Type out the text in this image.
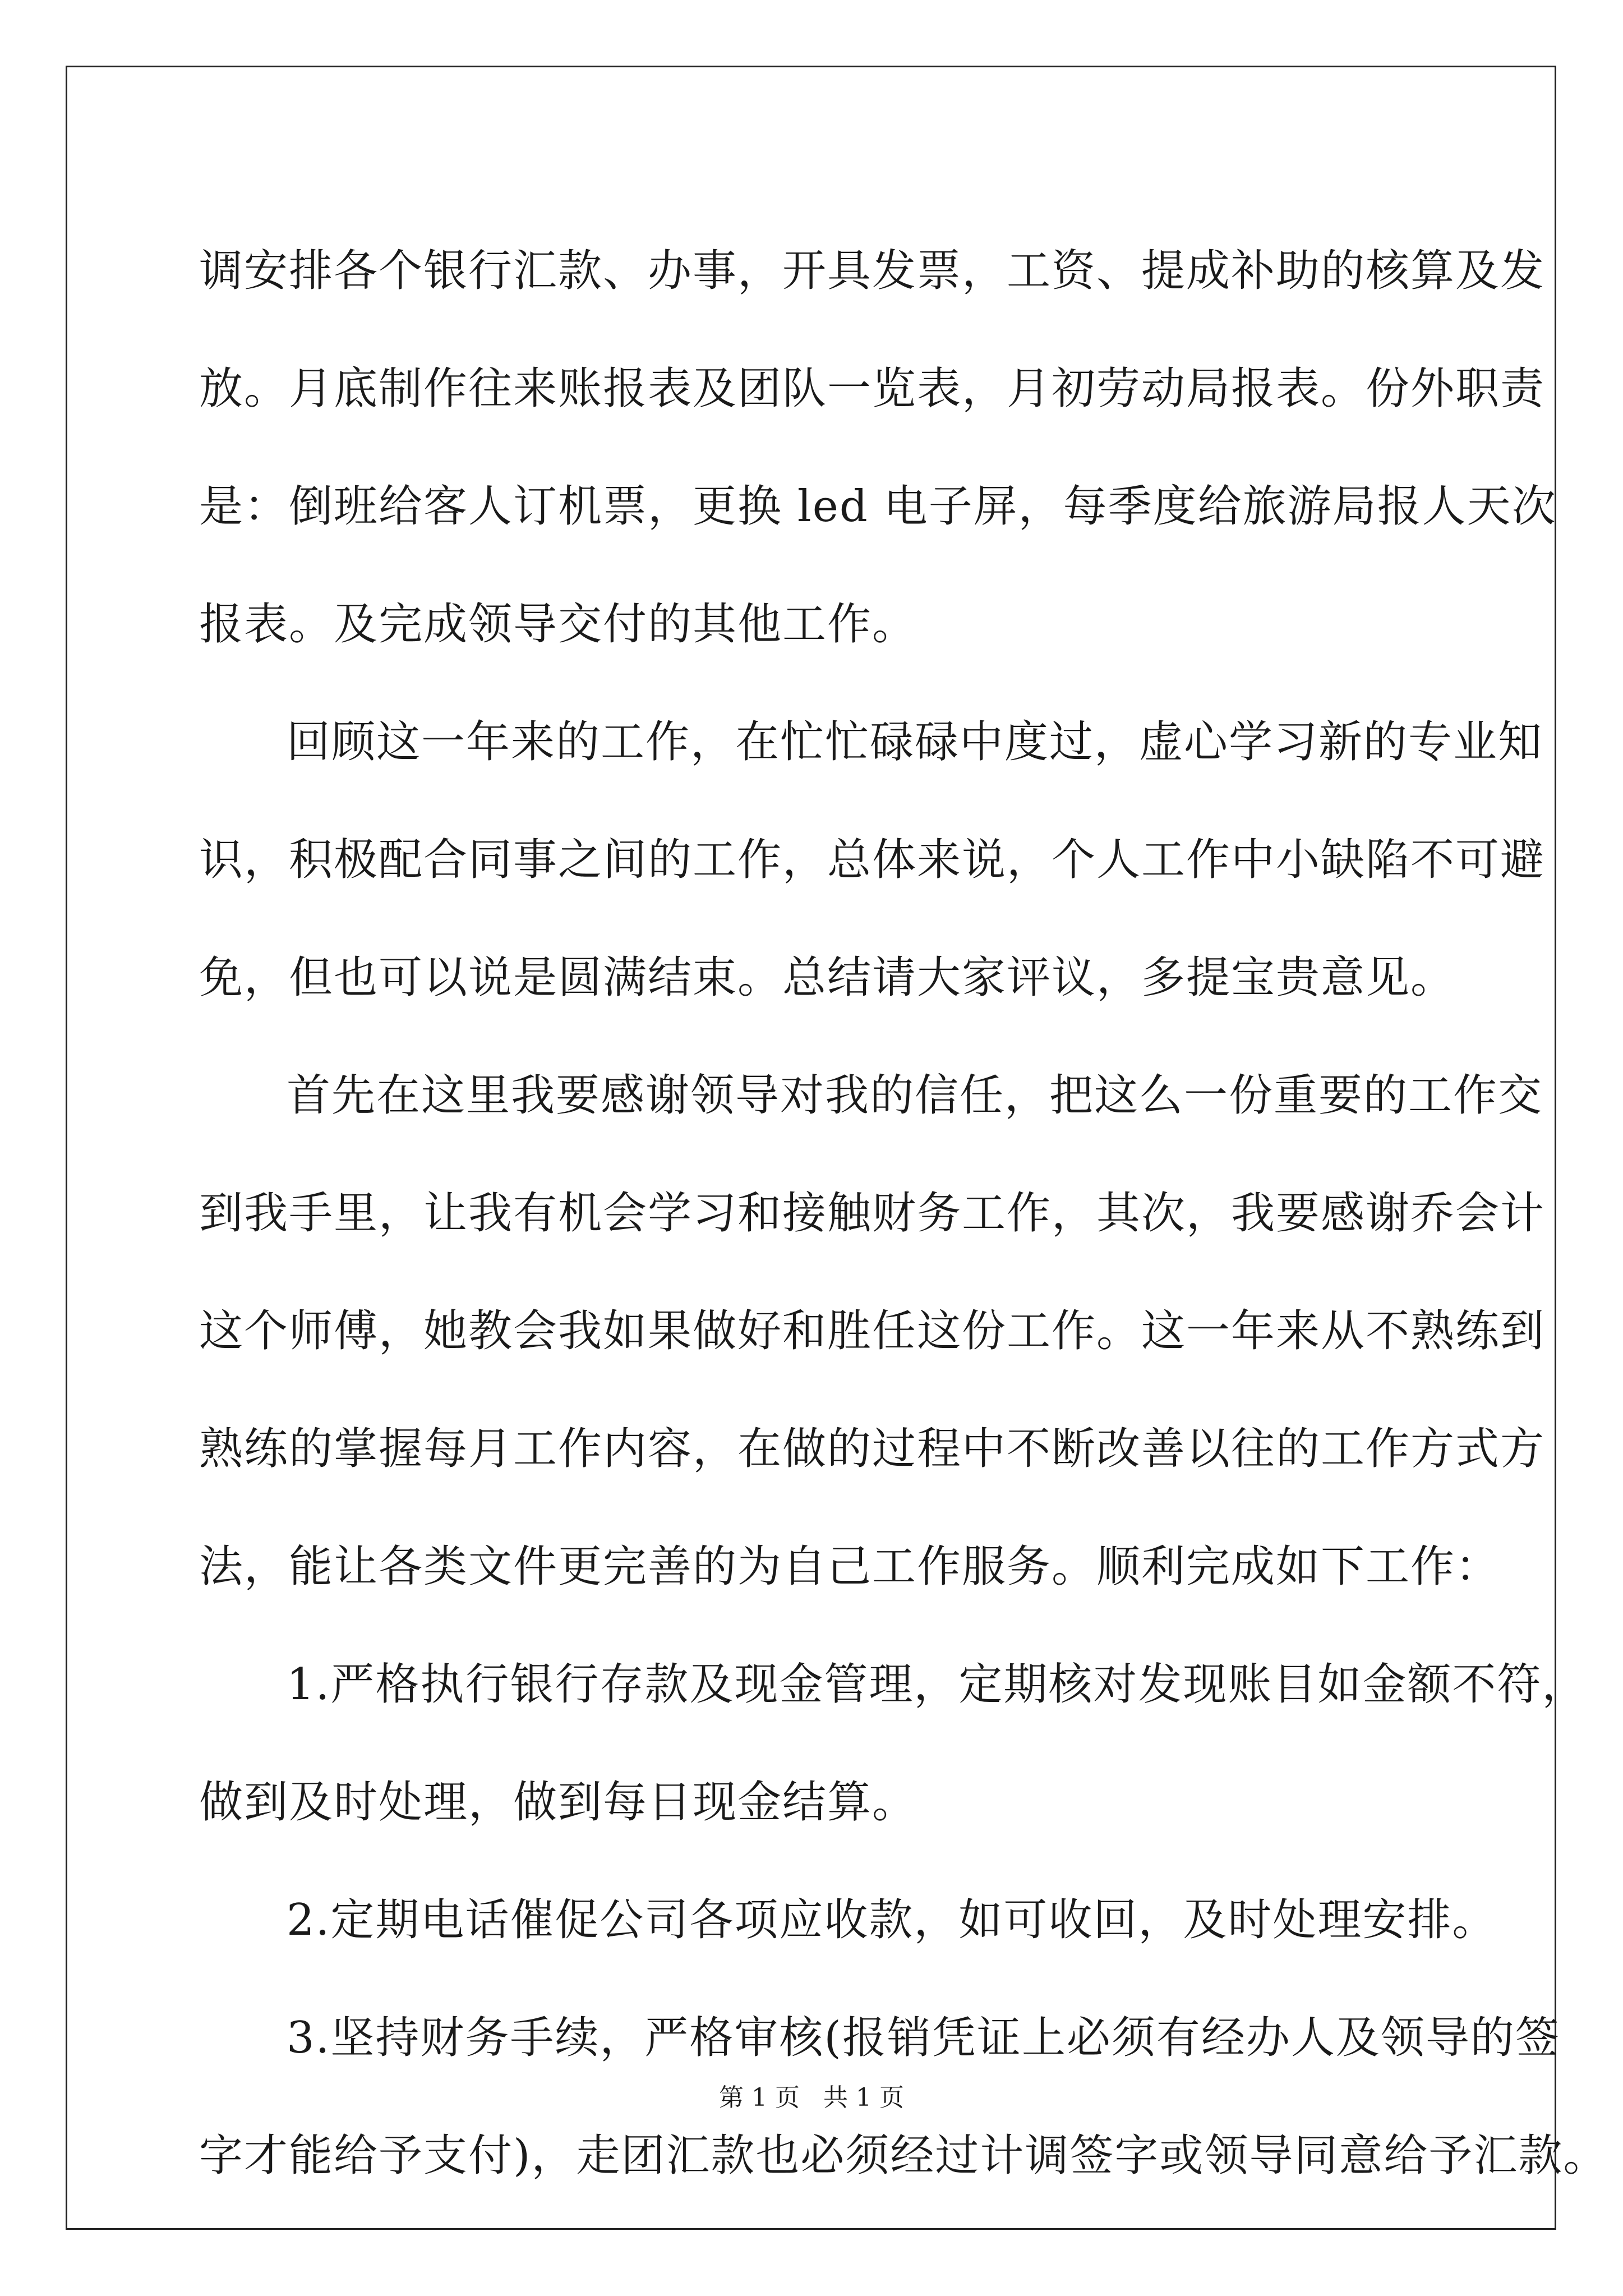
调安排各个银行汇款、办事，开具发票，工资、提成补助的核算及发
放。月底制作往来账报表及团队一览表，月初劳动局报表。份外职责
是：倒班给客人订机票，更换 led 电子屏，每季度给旅游局报人天次
报表。及完成领导交付的其他工作。

回顾这一年来的工作，在忙忙碌碌中度过，虚心学习新的专业知
识，积极配合同事之间的工作，总体来说，个人工作中小缺陷不可避
免，但也可以说是圆满结束。总结请大家评议，多提宝贵意见。

首先在这里我要感谢领导对我的信任，把这么一份重要的工作交
到我手里，让我有机会学习和接触财务工作，其次，我要感谢乔会计
这个师傅，她教会我如果做好和胜任这份工作。这一年来从不熟练到
熟练的掌握每月工作内容，在做的过程中不断改善以往的工作方式方
法，能让各类文件更完善的为自己工作服务。顺利完成如下工作：

1.严格执行银行存款及现金管理，定期核对发现账目如金额不符，
做到及时处理，做到每日现金结算。

2.定期电话催促公司各项应收款，如可收回，及时处理安排。

3.坚持财务手续，严格审核(报销凭证上必须有经办人及领导的签
字才能给予支付)，走团汇款也必须经过计调签字或领导同意给予汇款。

第 1 页 共 1 页
